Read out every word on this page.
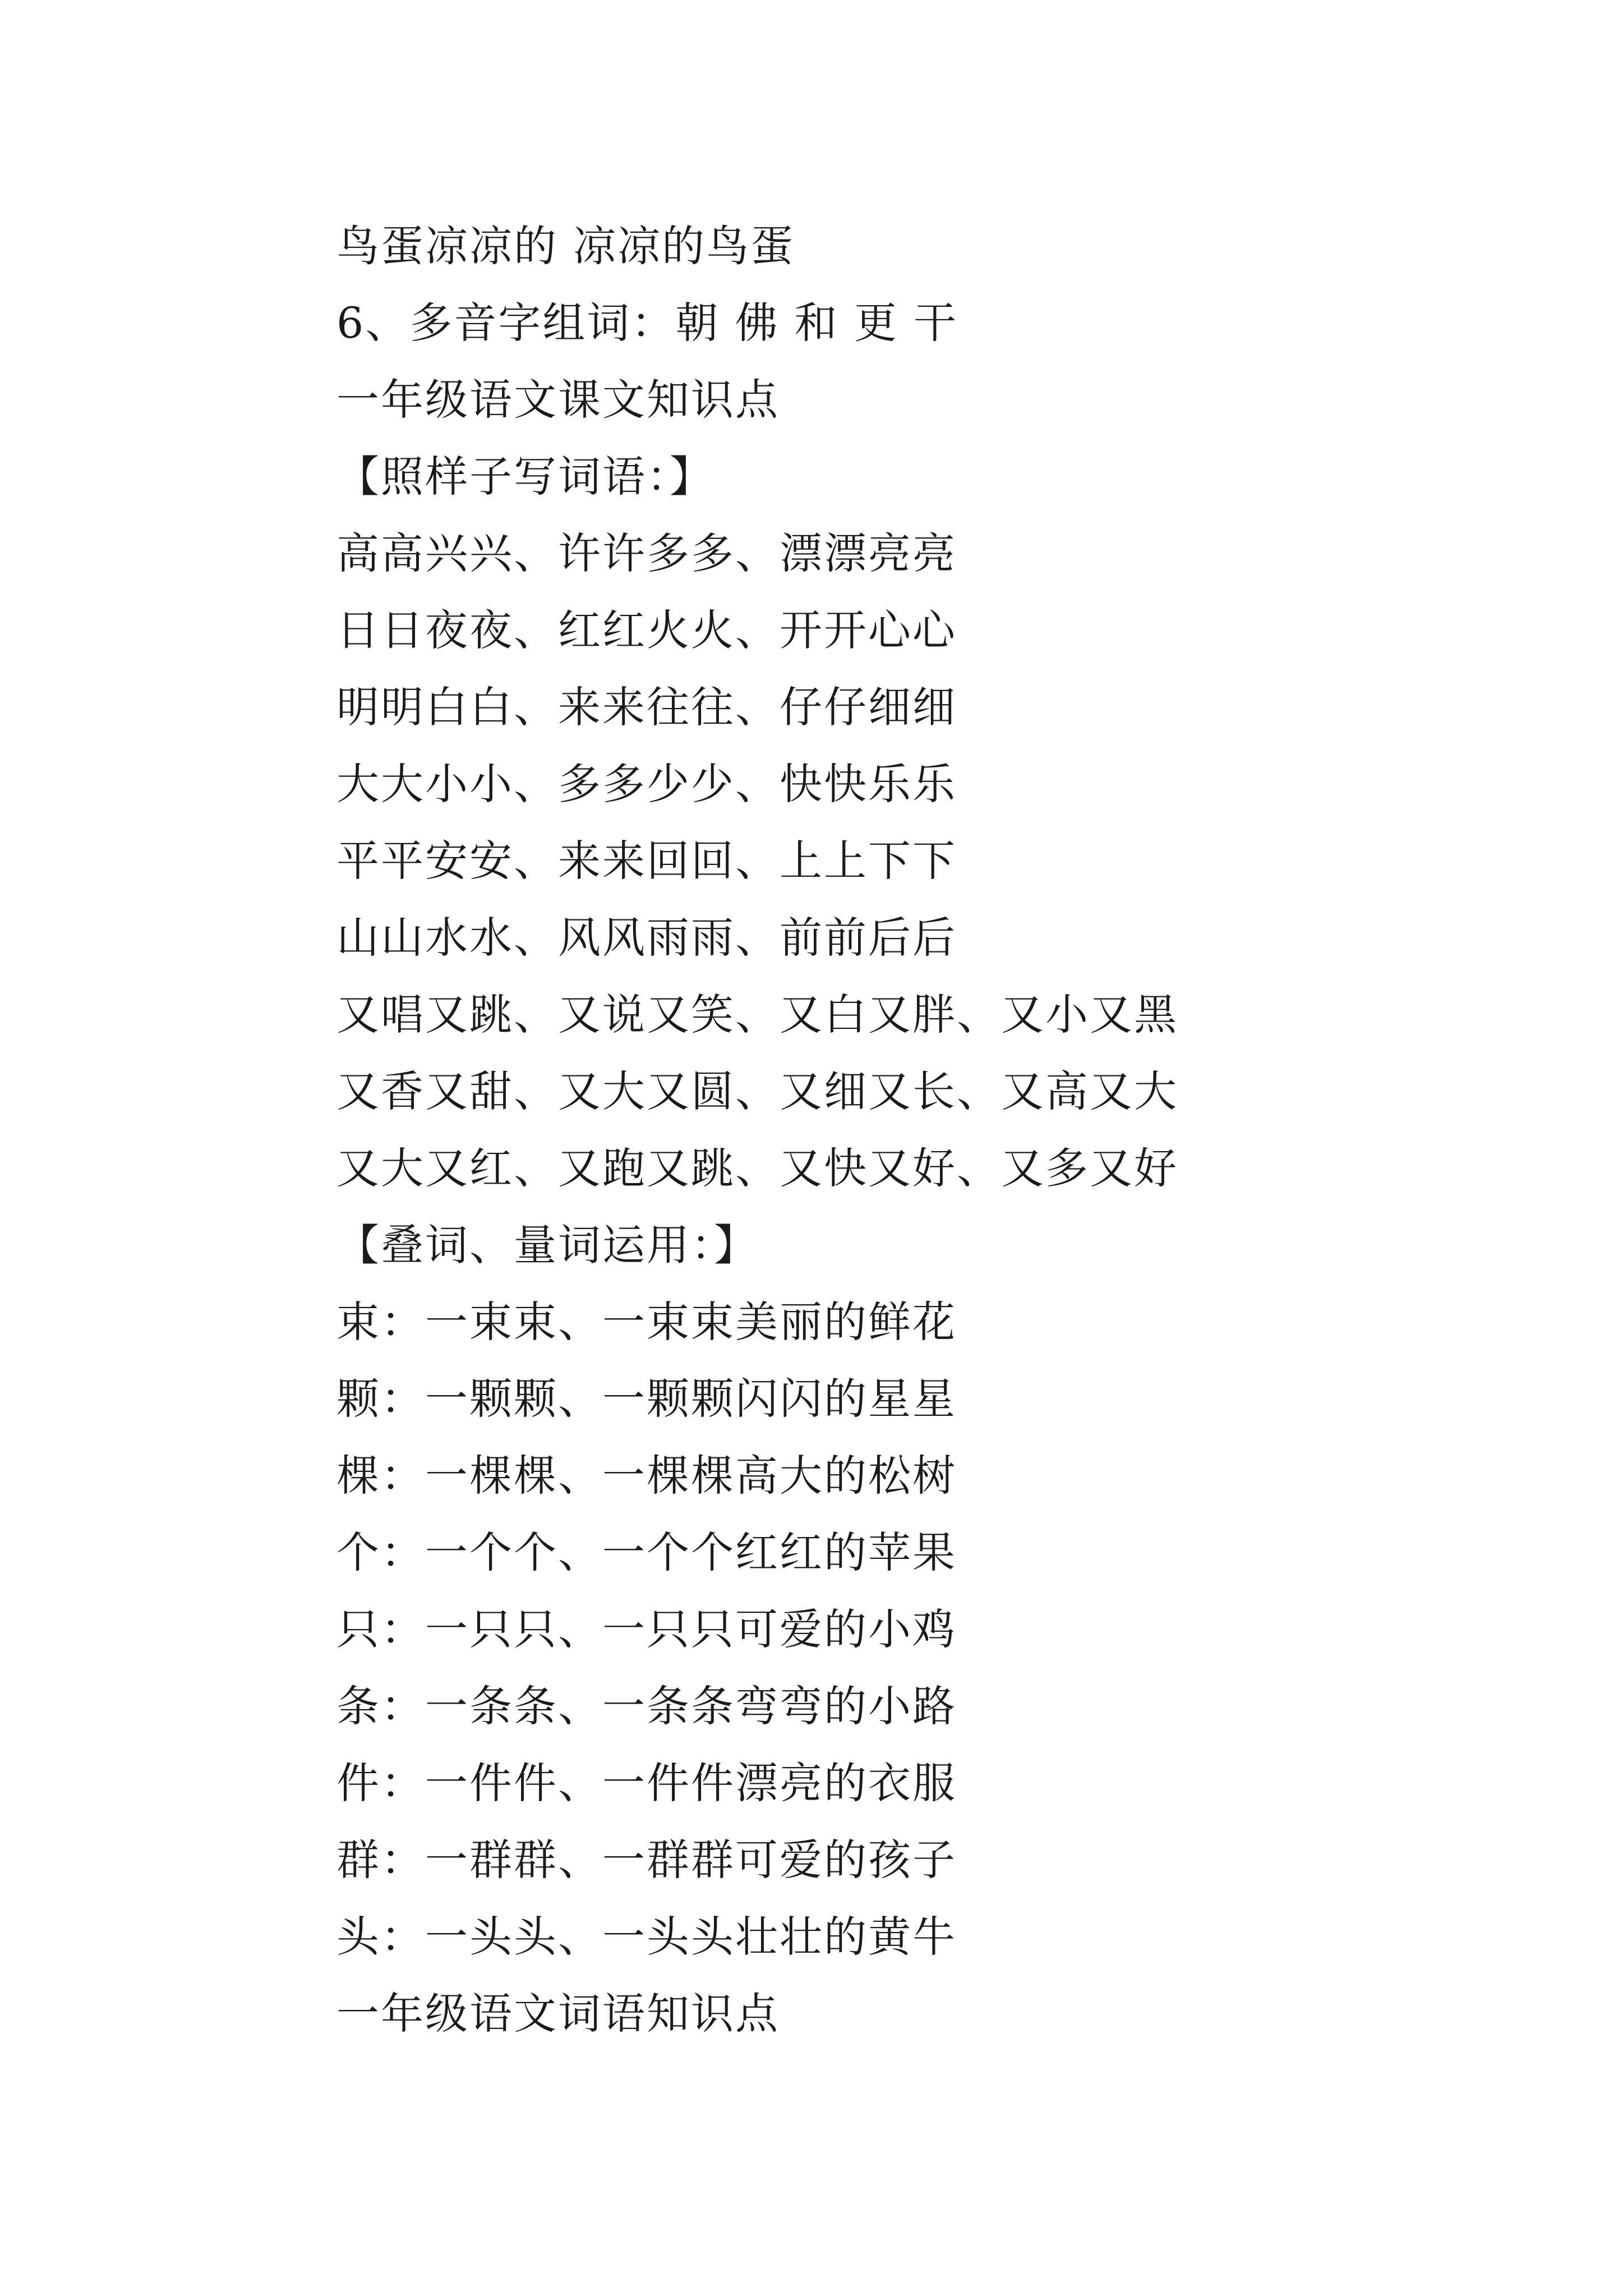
鸟蛋凉凉的 凉凉的鸟蛋
6、多音字组词：朝 佛 和 更 干
一年级语文课文知识点
【照样子写词语：】
高高兴兴、许许多多、漂漂亮亮
日日夜夜、红红火火、开开心心
明明白白、来来往往、仔仔细细
大大小小、多多少少、快快乐乐
平平安安、来来回回、上上下下
山山水水、风风雨雨、前前后后
又唱又跳、又说又笑、又白又胖、又小又黑
又香又甜、又大又圆、又细又长、又高又大
又大又红、又跑又跳、又快又好、又多又好
【叠词、量词运用：】
束：一束束、一束束美丽的鲜花
颗：一颗颗、一颗颗闪闪的星星
棵：一棵棵、一棵棵高大的松树
个：一个个、一个个红红的苹果
只：一只只、一只只可爱的小鸡
条：一条条、一条条弯弯的小路
件：一件件、一件件漂亮的衣服
群：一群群、一群群可爱的孩子
头：一头头、一头头壮壮的黄牛
一年级语文词语知识点
